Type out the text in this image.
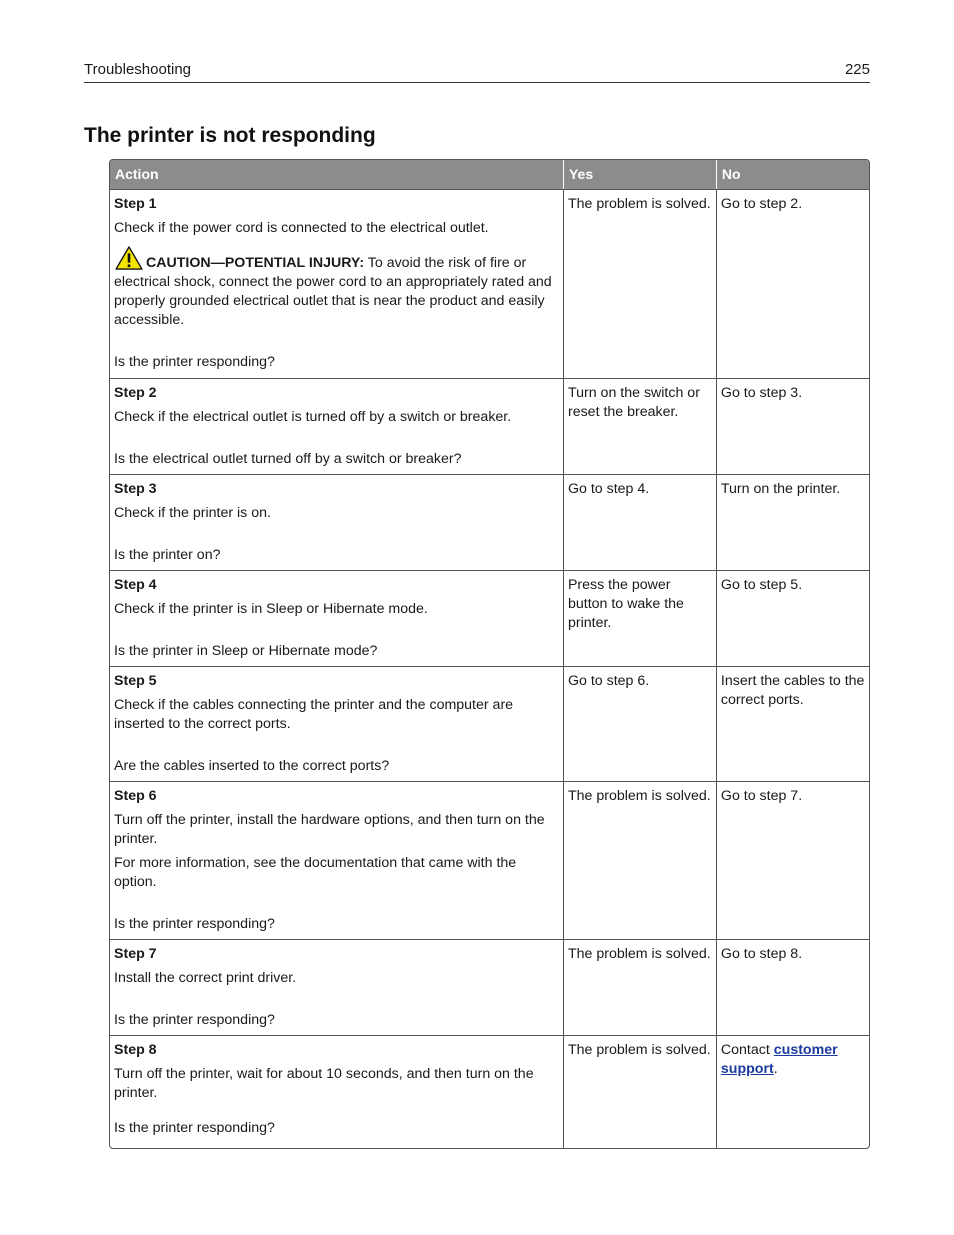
Troubleshooting	225
The printer is not responding
Action	Yes	No

Step 1

Check if the power cord is connected to the electrical outlet.

CAUTION—POTENTIAL INJURY: To avoid the risk of fire or electrical shock, connect the power cord to an appropriately rated and properly grounded electrical outlet that is near the product and easily accessible.

Is the printer responding?	The problem is solved.	Go to step 2.

Step 2

Check if the electrical outlet is turned off by a switch or breaker.

Is the electrical outlet turned off by a switch or breaker?	Turn on the switch or reset the breaker.	Go to step 3.

Step 3

Check if the printer is on.

Is the printer on?	Go to step 4.	Turn on the printer.

Step 4

Check if the printer is in Sleep or Hibernate mode.

Is the printer in Sleep or Hibernate mode?	Press the power button to wake the printer.	Go to step 5.

Step 5

Check if the cables connecting the printer and the computer are inserted to the correct ports.

Are the cables inserted to the correct ports?	Go to step 6.	Insert the cables to the correct ports.

Step 6

Turn off the printer, install the hardware options, and then turn on the printer.

For more information, see the documentation that came with the option.

Is the printer responding?	The problem is solved.	Go to step 7.

Step 7

Install the correct print driver.

Is the printer responding?	The problem is solved.	Go to step 8.

Step 8

Turn off the printer, wait for about 10 seconds, and then turn on the printer.

Is the printer responding?	The problem is solved.	Contact customer support.
